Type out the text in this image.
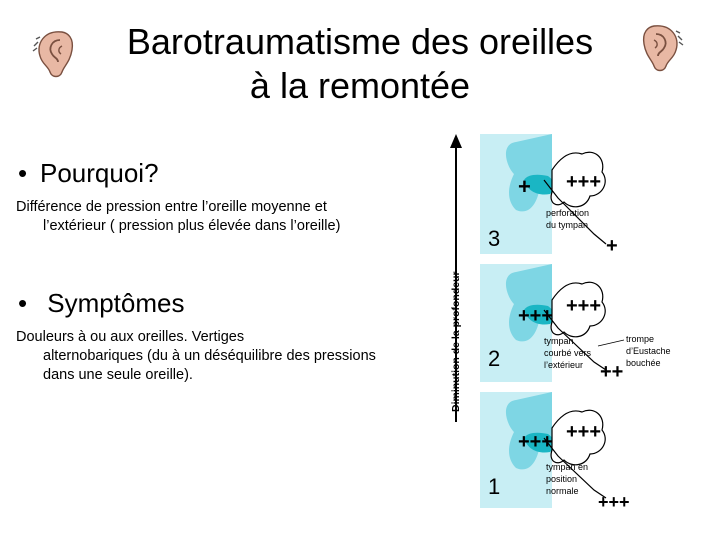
Barotraumatisme des oreilles
à la remontée
• Pourquoi?
Différence de pression entre l’oreille moyenne et
l’extérieur ( pression plus élevée dans l’oreille)
• Symptômes
Douleurs à ou aux oreilles. Vertiges
alternobariques (du à un déséquilibre des pressions dans une seule oreille).	Diminution de la profondeur
+ +++
3
perforation
du tympan
+
+++ +++
2
tympan
courbé vers
l’extérieur
trompe
d’Eustache
bouchée
++
+++ +++
1
tympan en
position
normale
+++
